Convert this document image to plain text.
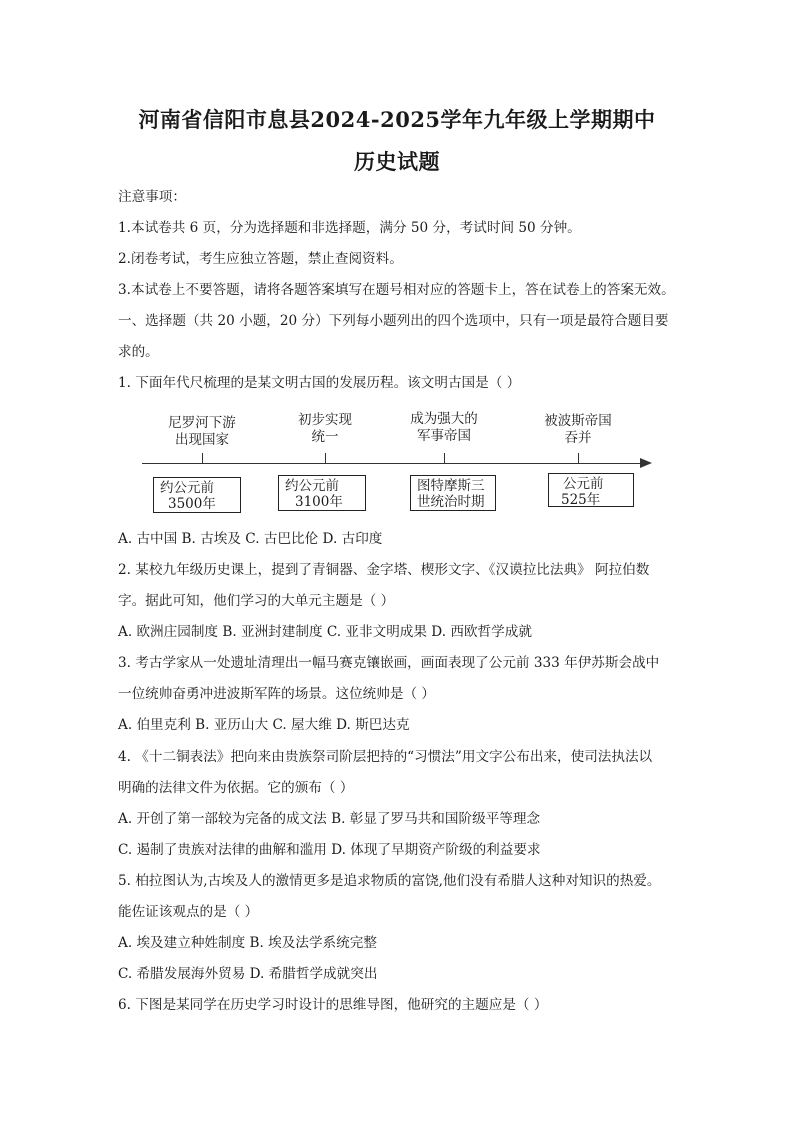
河南省信阳市息县2024-2025学年九年级上学期期中
历史试题
注意事项：
1.本试卷共 6 页，分为选择题和非选择题，满分 50 分，考试时间 50 分钟。
2.闭卷考试，考生应独立答题，禁止查阅资料。
3.本试卷上不要答题，请将各题答案填写在题号相对应的答题卡上，答在试卷上的答案无效。
一、选择题（共 20 小题，20 分）下列每小题列出的四个选项中，只有一项是最符合题目要
求的。
1. 下面年代尺梳理的是某文明古国的发展历程。该文明古国是（ ）
尼罗河下游
出现国家
初步实现
统一
成为强大的
军事帝国
被波斯帝国
吞并
约公元前
3500年
约公元前
3100年
图特摩斯三
世统治时期
公元前
525年
A. 古中国 B. 古埃及 C. 古巴比伦 D. 古印度
2. 某校九年级历史课上，提到了青铜器、金字塔、楔形文字、《汉谟拉比法典》 阿拉伯数
字。据此可知，他们学习的大单元主题是（ ）
A. 欧洲庄园制度 B. 亚洲封建制度 C. 亚非文明成果 D. 西欧哲学成就
3. 考古学家从一处遗址清理出一幅马赛克镶嵌画，画面表现了公元前 333 年伊苏斯会战中
一位统帅奋勇冲进波斯军阵的场景。这位统帅是（ ）
A. 伯里克利 B. 亚历山大 C. 屋大维 D. 斯巴达克
4. 《十二铜表法》把向来由贵族祭司阶层把持的“习惯法”用文字公布出来，使司法执法以
明确的法律文件为依据。它的颁布（ ）
A. 开创了第一部较为完备的成文法 B. 彰显了罗马共和国阶级平等理念
C. 遏制了贵族对法律的曲解和滥用 D. 体现了早期资产阶级的利益要求
5. 柏拉图认为,古埃及人的激情更多是追求物质的富饶,他们没有希腊人这种对知识的热爱。
能佐证该观点的是（ ）
A. 埃及建立种姓制度 B. 埃及法学系统完整
C. 希腊发展海外贸易 D. 希腊哲学成就突出
6. 下图是某同学在历史学习时设计的思维导图，他研究的主题应是（ ）
